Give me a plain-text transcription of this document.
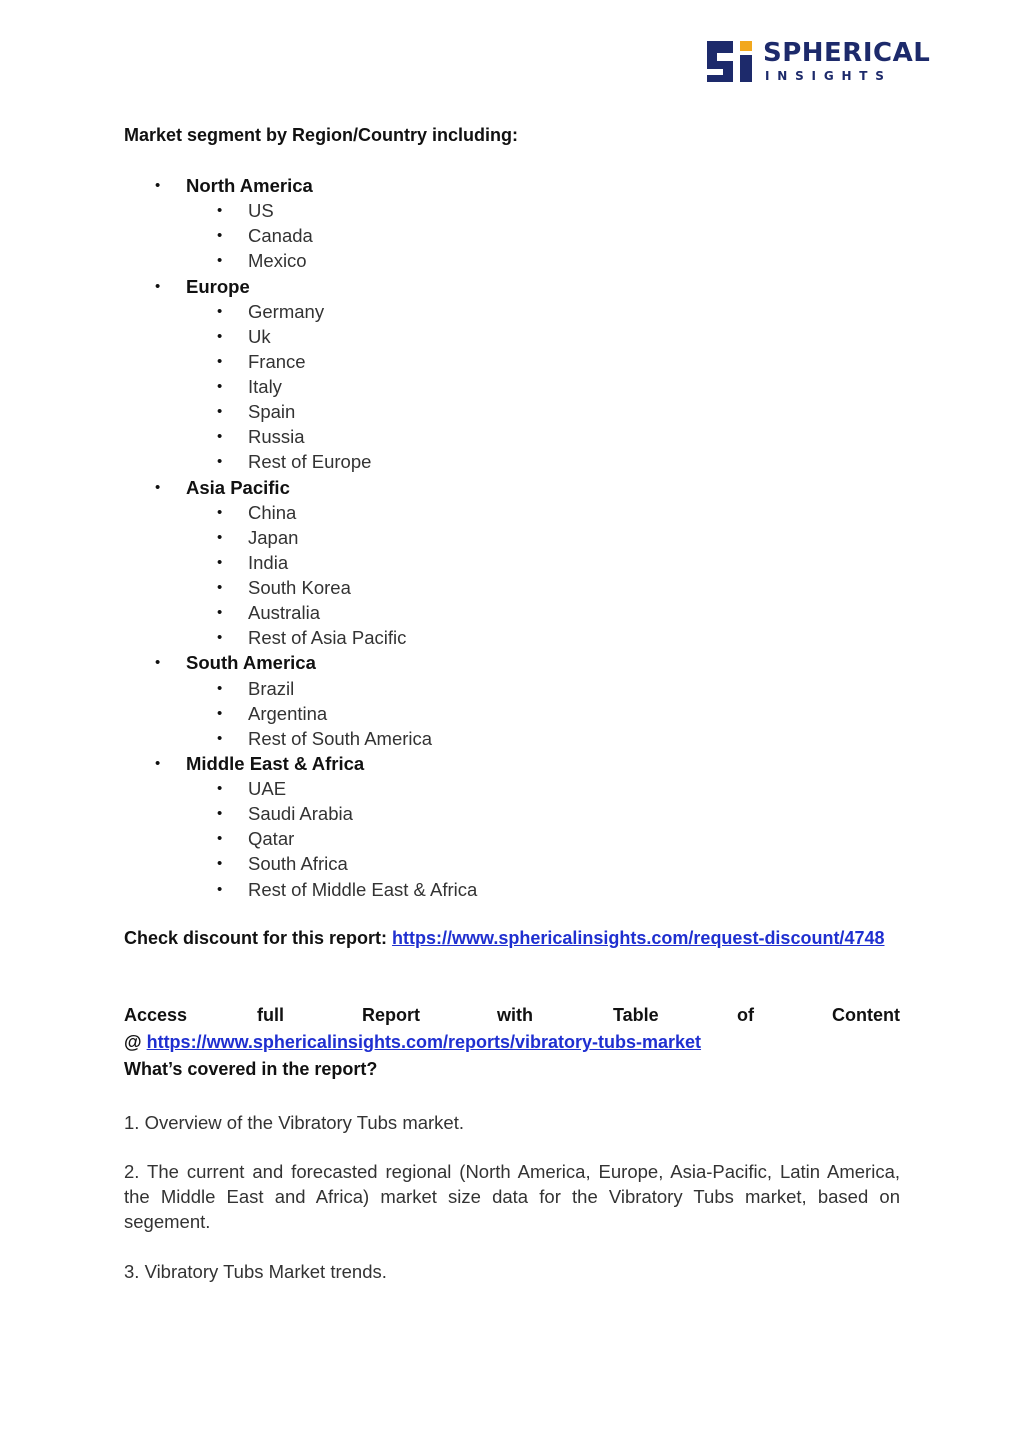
SPHERICAL
INSIGHTS
Market segment by Region/Country including:
• North America
• US
• Canada
• Mexico
• Europe
• Germany
• Uk
• France
• Italy
• Spain
• Russia
• Rest of Europe
• Asia Pacific
• China
• Japan
• India
• South Korea
• Australia
• Rest of Asia Pacific
• South America
• Brazil
• Argentina
• Rest of South America
• Middle East & Africa
• UAE
• Saudi Arabia
• Qatar
• South Africa
• Rest of Middle East & Africa
Check discount for this report: https://www.sphericalinsights.com/request-discount/4748
Access	full	Report	with	Table	of	Content
@ https://www.sphericalinsights.com/reports/vibratory-tubs-market
What’s covered in the report?
1. Overview of the Vibratory Tubs market.
2. The current and forecasted regional (North America, Europe, Asia-Pacific, Latin America, the Middle East and Africa) market size data for the Vibratory Tubs market, based on segement.
3. Vibratory Tubs Market trends.
